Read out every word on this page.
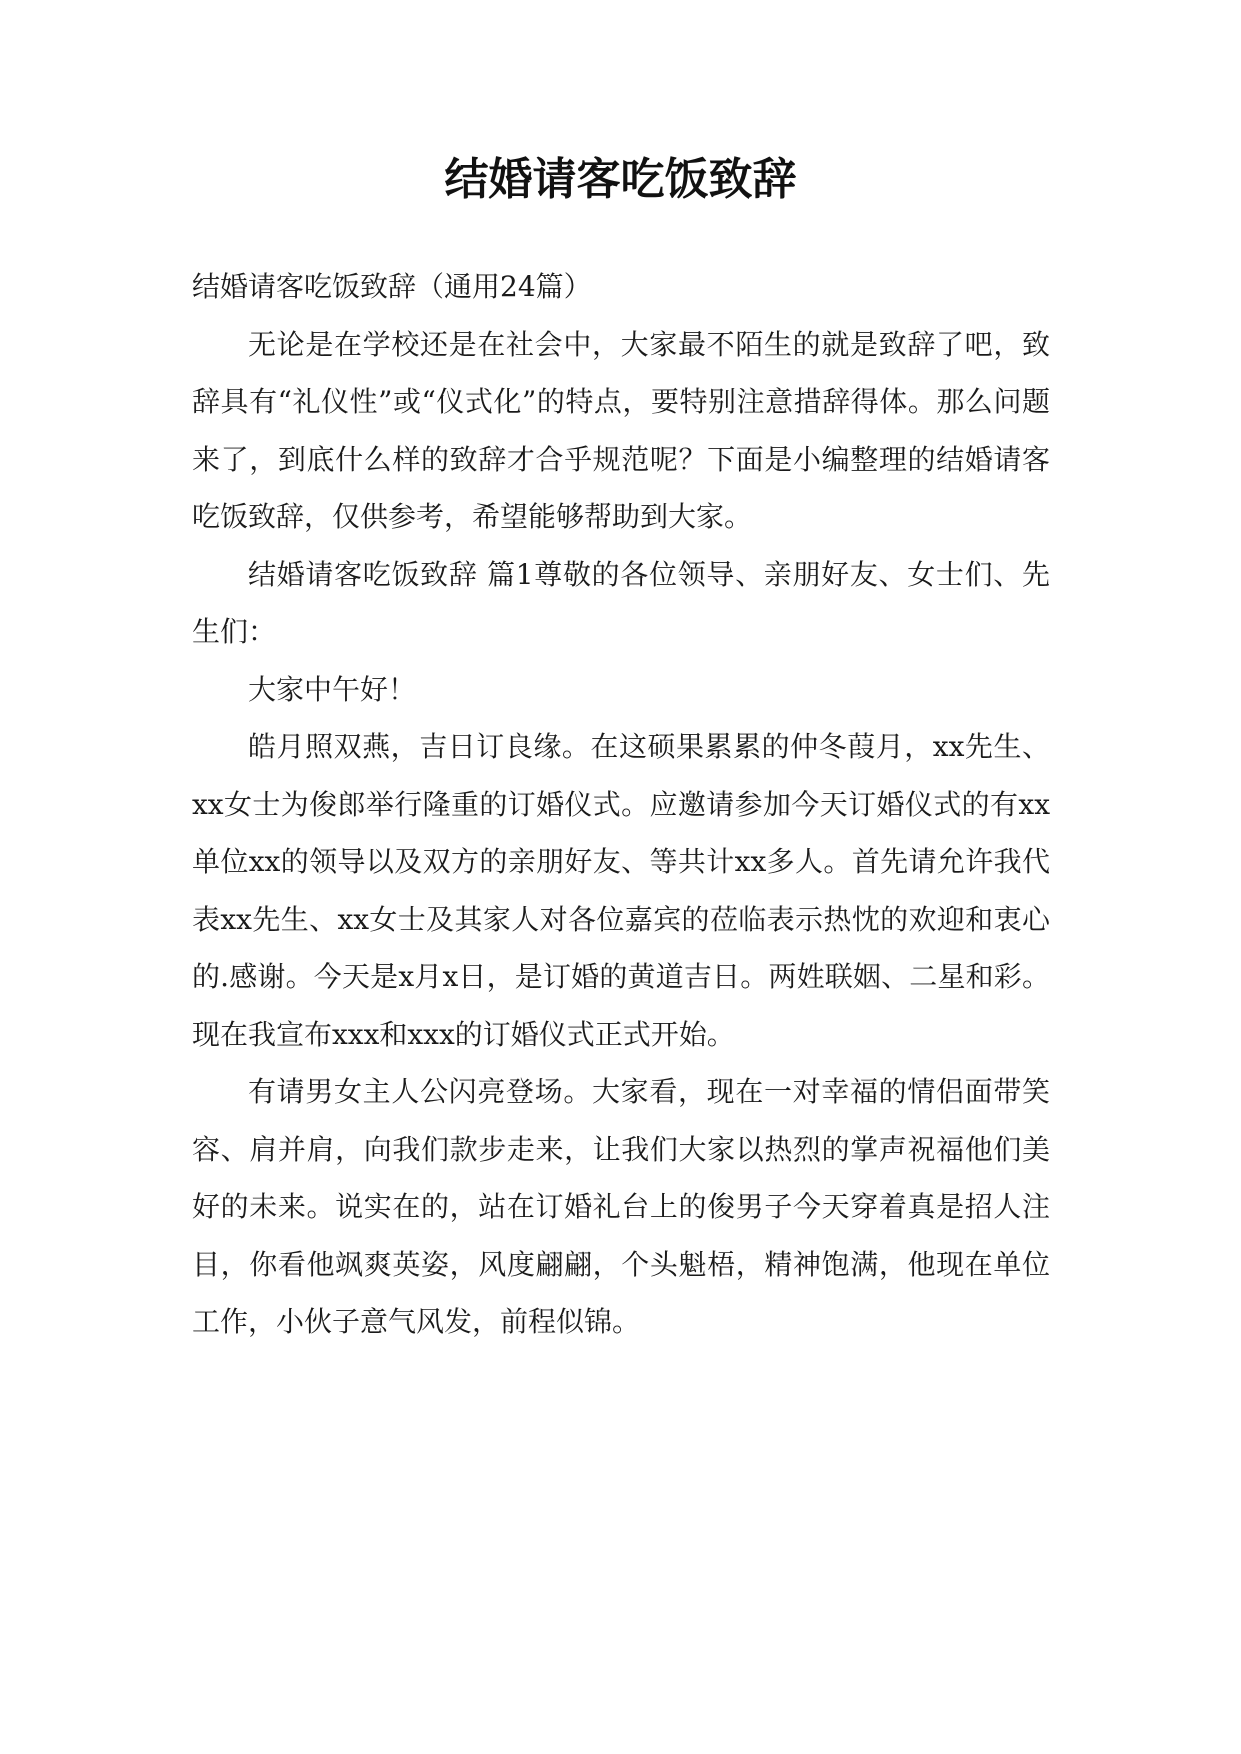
结婚请客吃饭致辞

结婚请客吃饭致辞（通用24篇）

无论是在学校还是在社会中，大家最不陌生的就是致辞了吧，致辞具有“礼仪性”或“仪式化”的特点，要特别注意措辞得体。那么问题来了，到底什么样的致辞才合乎规范呢？下面是小编整理的结婚请客吃饭致辞，仅供参考，希望能够帮助到大家。

结婚请客吃饭致辞 篇1尊敬的各位领导、亲朋好友、女士们、先生们：

大家中午好！

皓月照双燕，吉日订良缘。在这硕果累累的仲冬葭月，xx先生、xx女士为俊郎举行隆重的订婚仪式。应邀请参加今天订婚仪式的有xx单位xx的领导以及双方的亲朋好友、等共计xx多人。首先请允许我代表xx先生、xx女士及其家人对各位嘉宾的莅临表示热忱的欢迎和衷心的.感谢。今天是x月x日，是订婚的黄道吉日。两姓联姻、二星和彩。现在我宣布xxx和xxx的订婚仪式正式开始。

有请男女主人公闪亮登场。大家看，现在一对幸福的情侣面带笑容、肩并肩，向我们款步走来，让我们大家以热烈的掌声祝福他们美好的未来。说实在的，站在订婚礼台上的俊男子今天穿着真是招人注目，你看他飒爽英姿，风度翩翩，个头魁梧，精神饱满，他现在单位工作，小伙子意气风发，前程似锦。
